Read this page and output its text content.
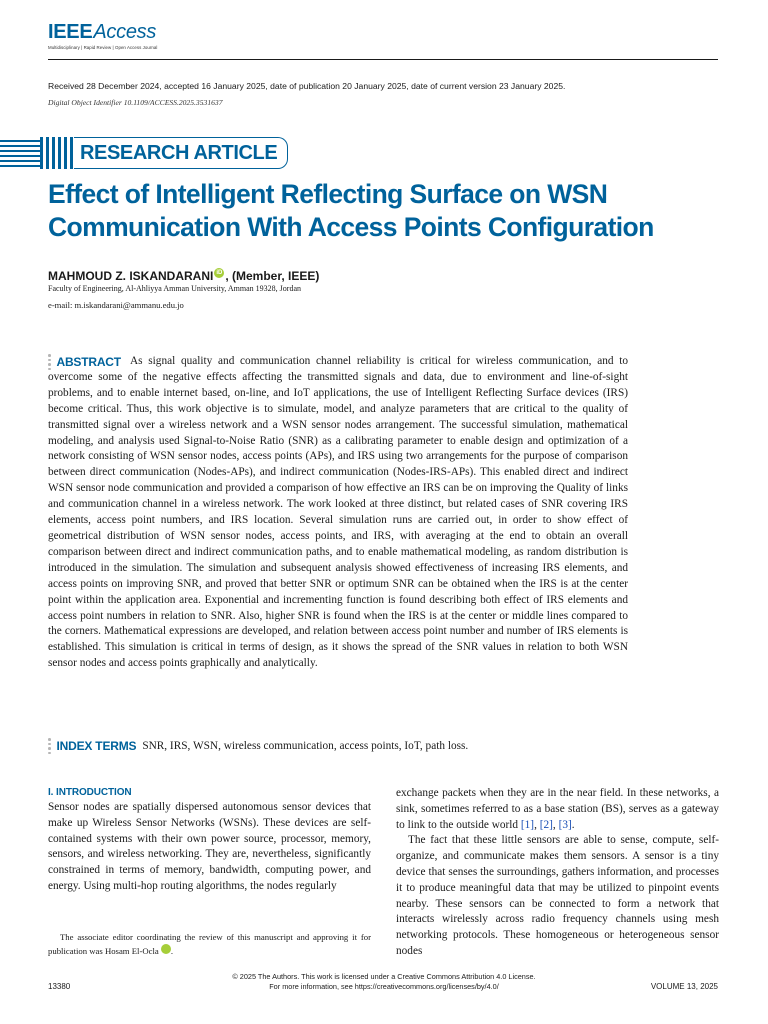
IEEE Access
Multidisciplinary | Rapid Review | Open Access Journal
Received 28 December 2024, accepted 16 January 2025, date of publication 20 January 2025, date of current version 23 January 2025.
Digital Object Identifier 10.1109/ACCESS.2025.3531637
RESEARCH ARTICLE
Effect of Intelligent Reflecting Surface on WSN
Communication With Access Points Configuration
MAHMOUD Z. ISKANDARANI iD , (Member, IEEE)
Faculty of Engineering, Al-Ahliyya Amman University, Amman 19328, Jordan
e-mail: m.iskandarani@ammanu.edu.jo
ABSTRACT As signal quality and communication channel reliability is critical for wireless communication, and to overcome some of the negative effects affecting the transmitted signals and data, due to environment and line-of-sight problems, and to enable internet based, on-line, and IoT applications, the use of Intelligent Reflecting Surface devices (IRS) become critical. Thus, this work objective is to simulate, model, and analyze parameters that are critical to the quality of transmitted signal over a wireless network and a WSN sensor nodes arrangement. The successful simulation, mathematical modeling, and analysis used Signal-to-Noise Ratio (SNR) as a calibrating parameter to enable design and optimization of a network consisting of WSN sensor nodes, access points (APs), and IRS using two arrangements for the purpose of comparison between direct communication (Nodes-APs), and indirect communication (Nodes-IRS-APs). This enabled direct and indirect WSN sensor node communication and provided a comparison of how effective an IRS can be on improving the Quality of links and communication channel in a wireless network. The work looked at three distinct, but related cases of SNR covering IRS elements, access point numbers, and IRS location. Several simulation runs are carried out, in order to show effect of geometrical distribution of WSN sensor nodes, access points, and IRS, with averaging at the end to obtain an overall comparison between direct and indirect communication paths, and to enable mathematical modeling, as random distribution is introduced in the simulation. The simulation and subsequent analysis showed effectiveness of increasing IRS elements, and access points on improving SNR, and proved that better SNR or optimum SNR can be obtained when the IRS is at the center point within the application area. Exponential and incrementing function is found describing both effect of IRS elements and access point numbers in relation to SNR. Also, higher SNR is found when the IRS is at the center or middle lines compared to the corners. Mathematical expressions are developed, and relation between access point number and number of IRS elements is established. This simulation is critical in terms of design, as it shows the spread of the SNR values in relation to both WSN sensor nodes and access points graphically and analytically.

INDEX TERMS SNR, IRS, WSN, wireless communication, access points, IoT, path loss.
I. INTRODUCTION

Sensor nodes are spatially dispersed autonomous sensor devices that make up Wireless Sensor Networks (WSNs). These devices are self-contained systems with their own power source, processor, memory, sensors, and wireless networking. They are, nevertheless, significantly constrained in terms of memory, bandwidth, computing power, and energy. Using multi-hop routing algorithms, the nodes regularly

exchange packets when they are in the near field. In these networks, a sink, sometimes referred to as a base station (BS), serves as a gateway to link to the outside world [1], [2], [3].

The fact that these little sensors are able to sense, compute, self-organize, and communicate makes them sensors. A sensor is a tiny device that senses the surroundings, gathers information, and processes it to produce meaningful data that may be utilized to pinpoint events nearby. These sensors can be connected to form a network that interacts wirelessly across radio frequency channels using mesh networking protocols. These homogeneous or heterogeneous sensor nodes

The associate editor coordinating the review of this manuscript and approving it for publication was Hosam El-Ocla iD.

© 2025 The Authors. This work is licensed under a Creative Commons Attribution 4.0 License.
For more information, see https://creativecommons.org/licenses/by/4.0/
13380	VOLUME 13, 2025
